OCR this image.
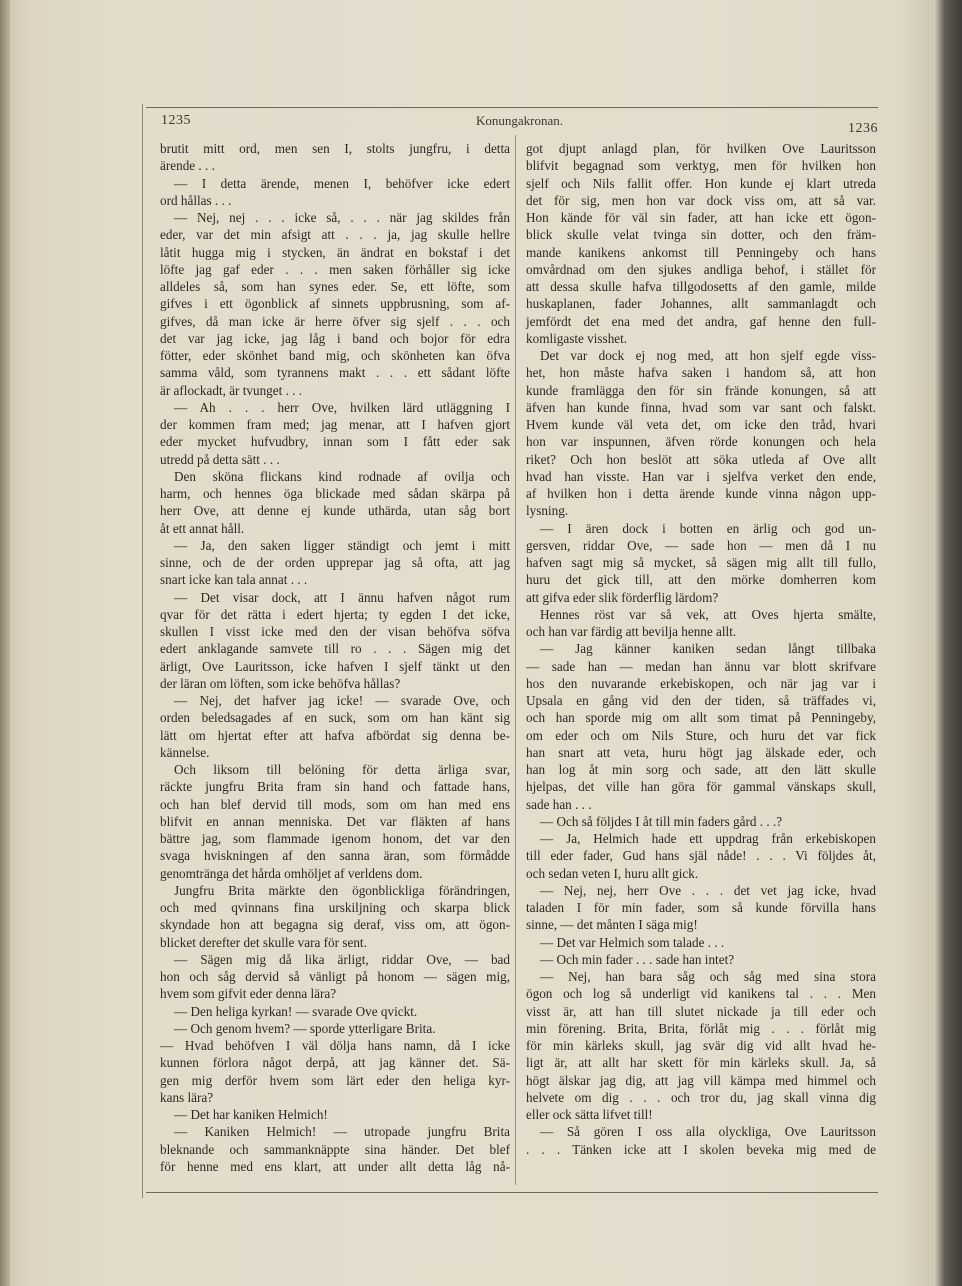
1235	Konungakronan.
1236
brutit mitt ord, men sen I, stolts jungfru, i detta
ärende . . .
— I detta ärende, menen I, behöfver icke edert
ord hållas . . .
— Nej, nej . . . icke så, . . . när jag skildes från
eder, var det min afsigt att . . . ja, jag skulle hellre
låtit hugga mig i stycken, än ändrat en bokstaf i det
löfte jag gaf eder . . . men saken förhåller sig icke
alldeles så, som han synes eder. Se, ett löfte, som
gifves i ett ögonblick af sinnets uppbrusning, som af-
gifves, då man icke är herre öfver sig sjelf . . . och
det var jag icke, jag låg i band och bojor för edra
fötter, eder skönhet band mig, och skönheten kan öfva
samma våld, som tyrannens makt . . . ett sådant löfte
är aflockadt, är tvunget . . .
— Ah . . . herr Ove, hvilken lärd utläggning I
der kommen fram med; jag menar, att I hafven gjort
eder mycket hufvudbry, innan som I fått eder sak
utredd på detta sätt . . .
Den sköna flickans kind rodnade af ovilja och
harm, och hennes öga blickade med sådan skärpa på
herr Ove, att denne ej kunde uthärda, utan såg bort
åt ett annat håll.
— Ja, den saken ligger ständigt och jemt i mitt
sinne, och de der orden upprepar jag så ofta, att jag
snart icke kan tala annat . . .
— Det visar dock, att I ännu hafven något rum
qvar för det rätta i edert hjerta; ty egden I det icke,
skullen I visst icke med den der visan behöfva söfva
edert anklagande samvete till ro . . . Sägen mig det
ärligt, Ove Lauritsson, icke hafven I sjelf tänkt ut den
der läran om löften, som icke behöfva hållas?
— Nej, det hafver jag icke! — svarade Ove, och
orden beledsagades af en suck, som om han känt sig
lätt om hjertat efter att hafva afbördat sig denna be-
kännelse.
Och liksom till belöning för detta ärliga svar,
räckte jungfru Brita fram sin hand och fattade hans,
och han blef dervid till mods, som om han med ens
blifvit en annan menniska. Det var fläkten af hans
bättre jag, som flammade igenom honom, det var den
svaga hviskningen af den sanna äran, som förmådde
genomtränga det hårda omhöljet af verldens dom.
Jungfru Brita märkte den ögonblickliga förändringen,
och med qvinnans fina urskiljning och skarpa blick
skyndade hon att begagna sig deraf, viss om, att ögon-
blicket derefter det skulle vara för sent.
— Sägen mig då lika ärligt, riddar Ove, — bad
hon och såg dervid så vänligt på honom — sägen mig,
hvem som gifvit eder denna lära?
— Den heliga kyrkan! — svarade Ove qvickt.
— Och genom hvem? — sporde ytterligare Brita.
— Hvad behöfven I väl dölja hans namn, då I icke
kunnen förlora något derpå, att jag känner det. Sä-
gen mig derför hvem som lärt eder den heliga kyr-
kans lära?
— Det har kaniken Helmich!
— Kaniken Helmich! — utropade jungfru Brita
bleknande och sammanknäppte sina händer. Det blef
för henne med ens klart, att under allt detta låg nå-
got djupt anlagd plan, för hvilken Ove Lauritsson
blifvit begagnad som verktyg, men för hvilken hon
sjelf och Nils fallit offer. Hon kunde ej klart utreda
det för sig, men hon var dock viss om, att så var.
Hon kände för väl sin fader, att han icke ett ögon-
blick skulle velat tvinga sin dotter, och den främ-
mande kanikens ankomst till Penningeby och hans
omvårdnad om den sjukes andliga behof, i stället för
att dessa skulle hafva tillgodosetts af den gamle, milde
huskaplanen, fader Johannes, allt sammanlagdt och
jemfördt det ena med det andra, gaf henne den full-
komligaste visshet.
Det var dock ej nog med, att hon sjelf egde viss-
het, hon måste hafva saken i handom så, att hon
kunde framlägga den för sin frände konungen, så att
äfven han kunde finna, hvad som var sant och falskt.
Hvem kunde väl veta det, om icke den tråd, hvari
hon var inspunnen, äfven rörde konungen och hela
riket? Och hon beslöt att söka utleda af Ove allt
hvad han visste. Han var i sjelfva verket den ende,
af hvilken hon i detta ärende kunde vinna någon upp-
lysning.
— I ären dock i botten en ärlig och god un-
gersven, riddar Ove, — sade hon — men då I nu
hafven sagt mig så mycket, så sägen mig allt till fullo,
huru det gick till, att den mörke domherren kom
att gifva eder slik förderflig lärdom?
Hennes röst var så vek, att Oves hjerta smälte,
och han var färdig att bevilja henne allt.
— Jag känner kaniken sedan långt tillbaka
— sade han — medan han ännu var blott skrifvare
hos den nuvarande erkebiskopen, och när jag var i
Upsala en gång vid den der tiden, så träffades vi,
och han sporde mig om allt som timat på Penningeby,
om eder och om Nils Sture, och huru det var fick
han snart att veta, huru högt jag älskade eder, och
han log åt min sorg och sade, att den lätt skulle
hjelpas, det ville han göra för gammal vänskaps skull,
sade han . . .
— Och så följdes I åt till min faders gård . . .?
— Ja, Helmich hade ett uppdrag från erkebiskopen
till eder fader, Gud hans själ nåde! . . . Vi följdes åt,
och sedan veten I, huru allt gick.
— Nej, nej, herr Ove . . . det vet jag icke, hvad
taladen I för min fader, som så kunde förvilla hans
sinne, — det månten I säga mig!
— Det var Helmich som talade . . .
— Och min fader . . . sade han intet?
— Nej, han bara såg och såg med sina stora
ögon och log så underligt vid kanikens tal . . . Men
visst är, att han till slutet nickade ja till eder och
min förening. Brita, Brita, förlåt mig . . . förlåt mig
för min kärleks skull, jag svär dig vid allt hvad he-
ligt är, att allt har skett för min kärleks skull. Ja, så
högt älskar jag dig, att jag vill kämpa med himmel och
helvete om dig . . . och tror du, jag skall vinna dig
eller ock sätta lifvet till!
— Så gören I oss alla olyckliga, Ove Lauritsson
. . . Tänken icke att I skolen beveka mig med de
